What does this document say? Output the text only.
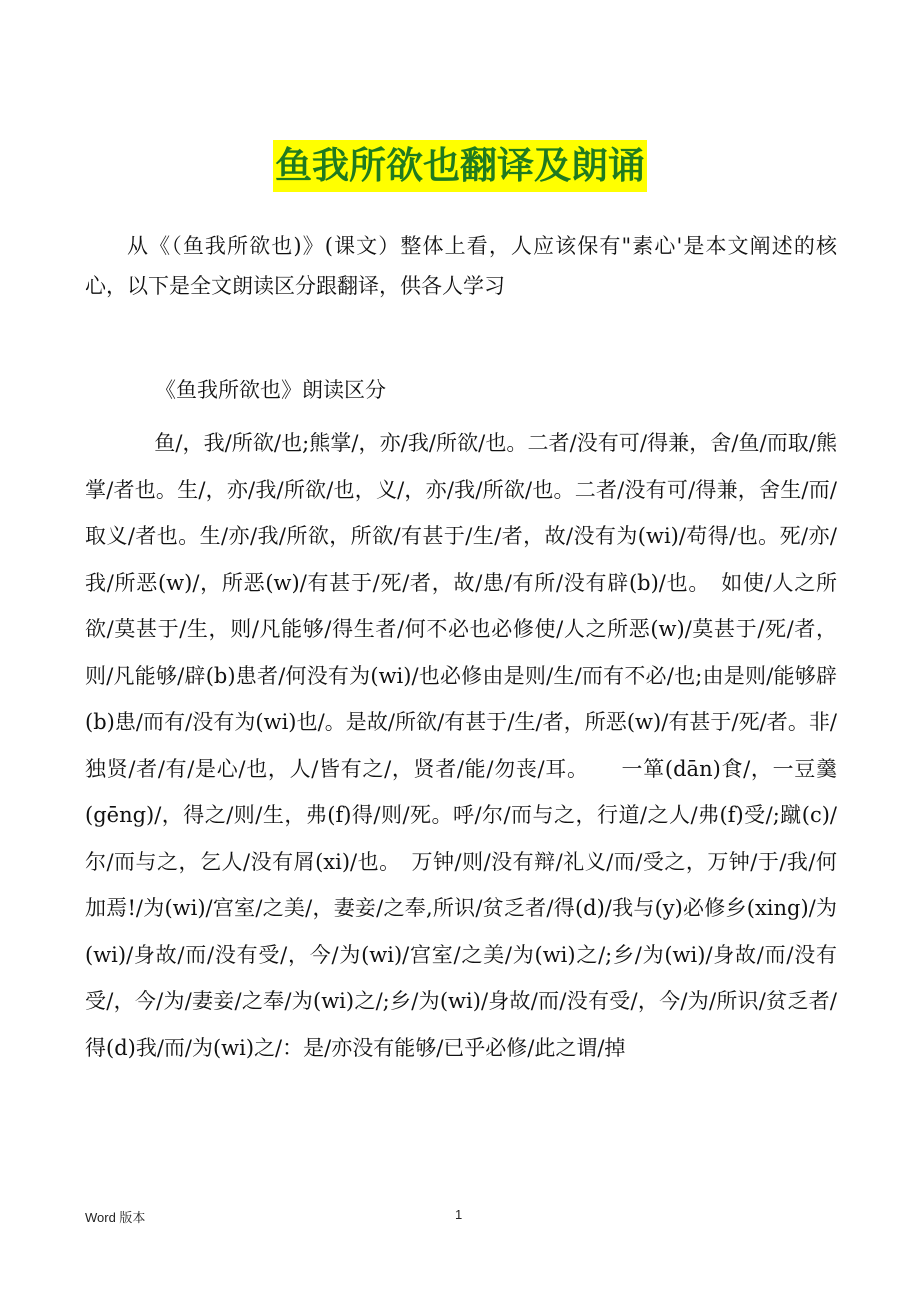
鱼我所欲也翻译及朗诵

从《（鱼我所欲也)》(课文）整体上看，人应该保有"素心'是本文阐述的核心，以下是全文朗读区分跟翻译，供各人学习

《鱼我所欲也》朗读区分

鱼/，我/所欲/也;熊掌/，亦/我/所欲/也。二者/没有可/得兼，舍/鱼/而取/熊掌/者也。生/，亦/我/所欲/也，义/，亦/我/所欲/也。二者/没有可/得兼，舍生/而/取义/者也。生/亦/我/所欲，所欲/有甚于/生/者，故/没有为(wi)/苟得/也。死/亦/我/所恶(w)/，所恶(w)/有甚于/死/者，故/患/有所/没有辟(b)/也。　如使/人之所欲/莫甚于/生，则/凡能够/得生者/何不必也必修使/人之所恶(w)/莫甚于/死/者，则/凡能够/辟(b)患者/何没有为(wi)/也必修由是则/生/而有不必/也;由是则/能够辟(b)患/而有/没有为(wi)也/。是故/所欲/有甚于/生/者，所恶(w)/有甚于/死/者。非/独贤/者/有/是心/也，人/皆有之/，贤者/能/勿丧/耳。　　一箪(dān)食/，一豆羹(gēng)/，得之/则/生，弗(f)得/则/死。呼/尔/而与之，行道/之人/弗(f)受/;蹴(c)/尔/而与之，乞人/没有屑(xi)/也。　万钟/则/没有辩/礼义/而/受之，万钟/于/我/何加焉!/为(wi)/宫室/之美/，妻妾/之奉,所识/贫乏者/得(d)/我与(y)必修乡(xing)/为(wi)/身故/而/没有受/，今/为(wi)/宫室/之美/为(wi)之/;乡/为(wi)/身故/而/没有受/，今/为/妻妾/之奉/为(wi)之/;乡/为(wi)/身故/而/没有受/，今/为/所识/贫乏者/得(d)我/而/为(wi)之/：是/亦没有能够/已乎必修/此之谓/掉

Word 版本	1
